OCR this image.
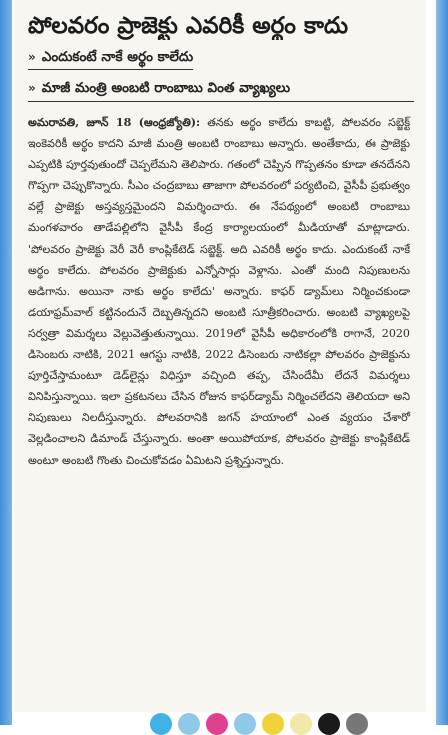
పోలవరం ప్రాజెక్టు ఎవరికీ అర్థం కాదు
» ఎందుకంటే నాకే అర్థం కాలేదు
» మాజీ మంత్రి అంబటి రాంబాబు వింత వ్యాఖ్యలు

అమరావతి, జూన్ 18 (ఆంధ్రజ్యోతి): తనకు అర్థం కాలేదు కాబట్టి, పోలవరం సబ్జెక్ట్ ఇంకెవరికీ అర్థం కాదని మాజీ మంత్రి అంబటి రాంబాబు అన్నారు. అంతేకాదు, ఈ ప్రాజెక్టు ఎప్పటికి పూర్తవుతుందో చెప్పలేమని తెలిపారు. గతంలో చెప్పిన గొప్పతనం కూడా తనదేనని గొప్పగా చెప్పుకొన్నారు. సీఎం చంద్రబాబు తాజాగా పోలవరంలో పర్యటించి, వైసీపీ ప్రభుత్వం వల్లే ప్రాజెక్టు అస్తవ్యస్తమైందని విమర్శించారు. ఈ నేపథ్యంలో అంబటి రాంబాబు మంగళవారం తాడేపల్లిలోని వైసీపీ కేంద్ర కార్యాలయంలో మీడియాతో మాట్లాడారు. 'పోలవరం ప్రాజెక్టు వెరీ వెరీ కాంప్లికేటెడ్ సబ్జెక్ట్. అది ఎవరికీ అర్థం కాదు. ఎందుకంటే నాకే అర్థం కాలేదు. పోలవరం ప్రాజెక్టుకు ఎన్నోసార్లు వెళ్లాను. ఎంతో మంది నిపుణులను అడిగాను. అయినా నాకు అర్థం కాలేదు' అన్నారు. కాఫర్ డ్యామ్‌లు నిర్మించకుండా డయాఫ్రమ్‌వాల్ కట్టినందునే దెబ్బతిన్నదని అంబటి సూత్రీకరించారు. అంబటి వ్యాఖ్యలపై సర్వత్రా విమర్శలు వెల్లువెత్తుతున్నాయి. 2019లో వైసీపీ అధికారంలోకి రాగానే, 2020 డిసెంబరు నాటికి, 2021 ఆగస్టు నాటికి, 2022 డిసెంబరు నాటికల్లా పోలవరం ప్రాజెక్టును పూర్తిచేస్తామంటూ డెడ్‌లైన్లు విధిస్తూ వచ్చింది తప్ప, చేసిందేమీ లేదనే విమర్శలు వినిపిస్తున్నాయి. ఇలా ప్రకటనలు చేసిన రోజున కాఫర్‌డ్యామ్ నిర్మించలేదని తెలియదా అని నిపుణులు నిలదీస్తున్నారు. పోలవరానికి జగన్ హయాంలో ఎంత వ్యయం చేశారో వెల్లడించాలని డిమాండ్ చేస్తున్నారు. అంతా అయిపోయాక, పోలవరం ప్రాజెక్టు కాంప్లికేటెడ్ అంటూ అంబటి గొంతు చించుకోవడం ఏమిటని ప్రశ్నిస్తున్నారు.
